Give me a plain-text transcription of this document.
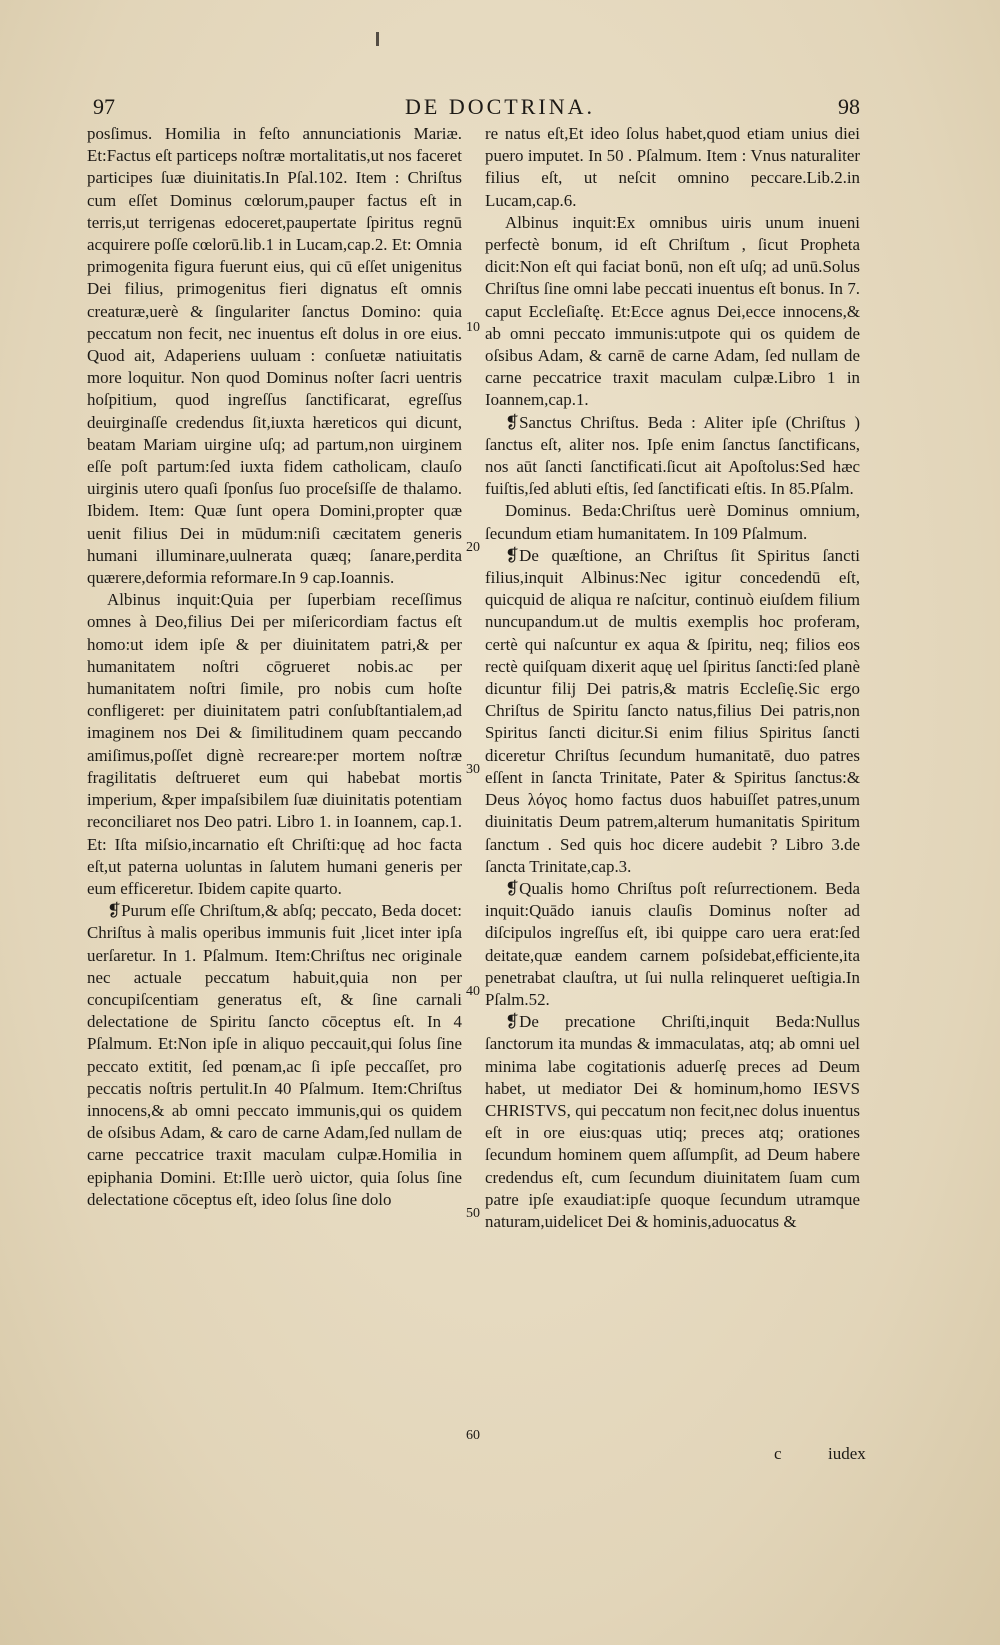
DE DOCTRINA.
97	98

posſimus. Homilia in feſto annunciationis Mariæ. Et:Factus eſt particeps noſtræ mortalitatis,ut nos faceret participes ſuæ diuinitatis.In Pſal.102. Item : Chriſtus cum eſſet Dominus cœlorum,pauper factus eſt in terris,ut terrigenas edoceret,paupertate ſpiritus regnū acquirere poſſe cœlorū.lib.1 in Lucam,cap.2. Et: Omnia primogenita figura fuerunt eius, qui cū eſſet unigenitus Dei filius, primogenitus fieri dignatus eſt omnis creaturæ,uerè & ſingulariter ſanctus Domino: quia peccatum non fecit, nec inuentus eſt dolus in ore eius. Quod ait, Adaperiens uuluam : conſuetæ natiuitatis more loquitur. Non quod Dominus noſter ſacri uentris hoſpitium, quod ingreſſus ſanctificarat, egreſſus deuirginaſſe credendus ſit,iuxta hæreticos qui dicunt, beatam Mariam uirgine uſq; ad partum,non uirginem eſſe poſt partum:ſed iuxta fidem catholicam, clauſo uirginis utero quaſi ſponſus ſuo proceſsiſſe de thalamo. Ibidem. Item: Quæ ſunt opera Domini,propter quæ uenit filius Dei in mūdum:niſi cæcitatem generis humani illuminare,uulnerata quæq; ſanare,perdita quærere,deformia reformare.In 9 cap.Ioannis.

Albinus inquit:Quia per ſuperbiam receſſimus omnes à Deo,filius Dei per miſericordiam factus eſt homo:ut idem ipſe & per diuinitatem patri,& per humanitatem noſtri cōgrueret nobis.ac per humanitatem noſtri ſimile, pro nobis cum hoſte confligeret: per diuinitatem patri conſubſtantialem,ad imaginem nos Dei & ſimilitudinem quam peccando amiſimus,poſſet dignè recreare:per mortem noſtræ fragilitatis deſtrueret eum qui habebat mortis imperium, &per impaſsibilem ſuæ diuinitatis potentiam reconciliaret nos Deo patri. Libro 1. in Ioannem, cap.1. Et: Iſta miſsio,incarnatio eſt Chriſti:quę ad hoc facta eſt,ut paterna uoluntas in ſalutem humani generis per eum efficeretur. Ibidem capite quarto.

❡Purum eſſe Chriſtum,& abſq; peccato, Beda docet: Chriſtus à malis operibus immunis fuit ,licet inter ipſa uerſaretur. In 1. Pſalmum. Item:Chriſtus nec originale nec actuale peccatum habuit,quia non per concupiſcentiam generatus eſt, & ſine carnali delectatione de Spiritu ſancto cōceptus eſt. In 4 Pſalmum. Et:Non ipſe in aliquo peccauit,qui ſolus ſine peccato extitit, ſed pœnam,ac ſi ipſe peccaſſet, pro peccatis noſtris pertulit.In 40 Pſalmum. Item:Chriſtus innocens,& ab omni peccato immunis,qui os quidem de oſsibus Adam, & caro de carne Adam,ſed nullam de carne peccatrice traxit maculam culpæ.Homilia in epiphania Domini. Et:Ille uerò uictor, quia ſolus ſine delectatione cōceptus eſt, ideo ſolus ſine dolo

re natus eſt,Et ideo ſolus habet,quod etiam unius diei puero imputet. In 50 . Pſalmum. Item : Vnus naturaliter filius eſt, ut neſcit omnino peccare.Lib.2.in Lucam,cap.6.

Albinus inquit:Ex omnibus uiris unum inueni perfectè bonum, id eſt Chriſtum , ſicut Propheta dicit:Non eſt qui faciat bonū, non eſt uſq; ad unū.Solus Chriſtus ſine omni labe peccati inuentus eſt bonus. In 7. caput Eccleſiaſtę. Et:Ecce agnus Dei,ecce innocens,& ab omni peccato immunis:utpote qui os quidem de oſsibus Adam, & carnē de carne Adam, ſed nullam de carne peccatrice traxit maculam culpæ.Libro 1 in Ioannem,cap.1.

❡Sanctus Chriſtus. Beda : Aliter ipſe (Chriſtus ) ſanctus eſt, aliter nos. Ipſe enim ſanctus ſanctificans, nos aūt ſancti ſanctificati.ſicut ait Apoſtolus:Sed hæc fuiſtis,ſed abluti eſtis, ſed ſanctificati eſtis. In 85.Pſalm.

Dominus. Beda:Chriſtus uerè Dominus omnium, ſecundum etiam humanitatem. In 109 Pſalmum.

❡De quæſtione, an Chriſtus ſit Spiritus ſancti filius,inquit Albinus:Nec igitur concedendū eſt, quicquid de aliqua re naſcitur, continuò eiuſdem filium nuncupandum.ut de multis exemplis hoc proferam, certè qui naſcuntur ex aqua & ſpiritu, neq; filios eos rectè quiſquam dixerit aquę uel ſpiritus ſancti:ſed planè dicuntur filij Dei patris,& matris Eccleſię.Sic ergo Chriſtus de Spiritu ſancto natus,filius Dei patris,non Spiritus ſancti dicitur.Si enim filius Spiritus ſancti diceretur Chriſtus ſecundum humanitatē, duo patres eſſent in ſancta Trinitate, Pater & Spiritus ſanctus:& Deus λόγος homo factus duos habuiſſet patres,unum diuinitatis Deum patrem,alterum humanitatis Spiritum ſanctum . Sed quis hoc dicere audebit ? Libro 3.de ſancta Trinitate,cap.3.

❡Qualis homo Chriſtus poſt reſurrectionem. Beda inquit:Quādo ianuis clauſis Dominus noſter ad diſcipulos ingreſſus eſt, ibi quippe caro uera erat:ſed deitate,quæ eandem carnem poſsidebat,efficiente,ita penetrabat clauſtra, ut ſui nulla relinqueret ueſtigia.In Pſalm.52.

❡De precatione Chriſti,inquit Beda:Nullus ſanctorum ita mundas & immaculatas, atq; ab omni uel minima labe cogitationis aduerſę preces ad Deum habet, ut mediator Dei & hominum,homo IESVS CHRISTVS, qui peccatum non fecit,nec dolus inuentus eſt in ore eius:quas utiq; preces atq; orationes ſecundum hominem quem aſſumpſit, ad Deum habere credendus eſt, cum ſecundum diuinitatem ſuam cum patre ipſe exaudiat:ipſe quoque ſecundum utramque naturam,uidelicet Dei & hominis,aduocatus &

10
20
30
40
50
60
c	iudex
